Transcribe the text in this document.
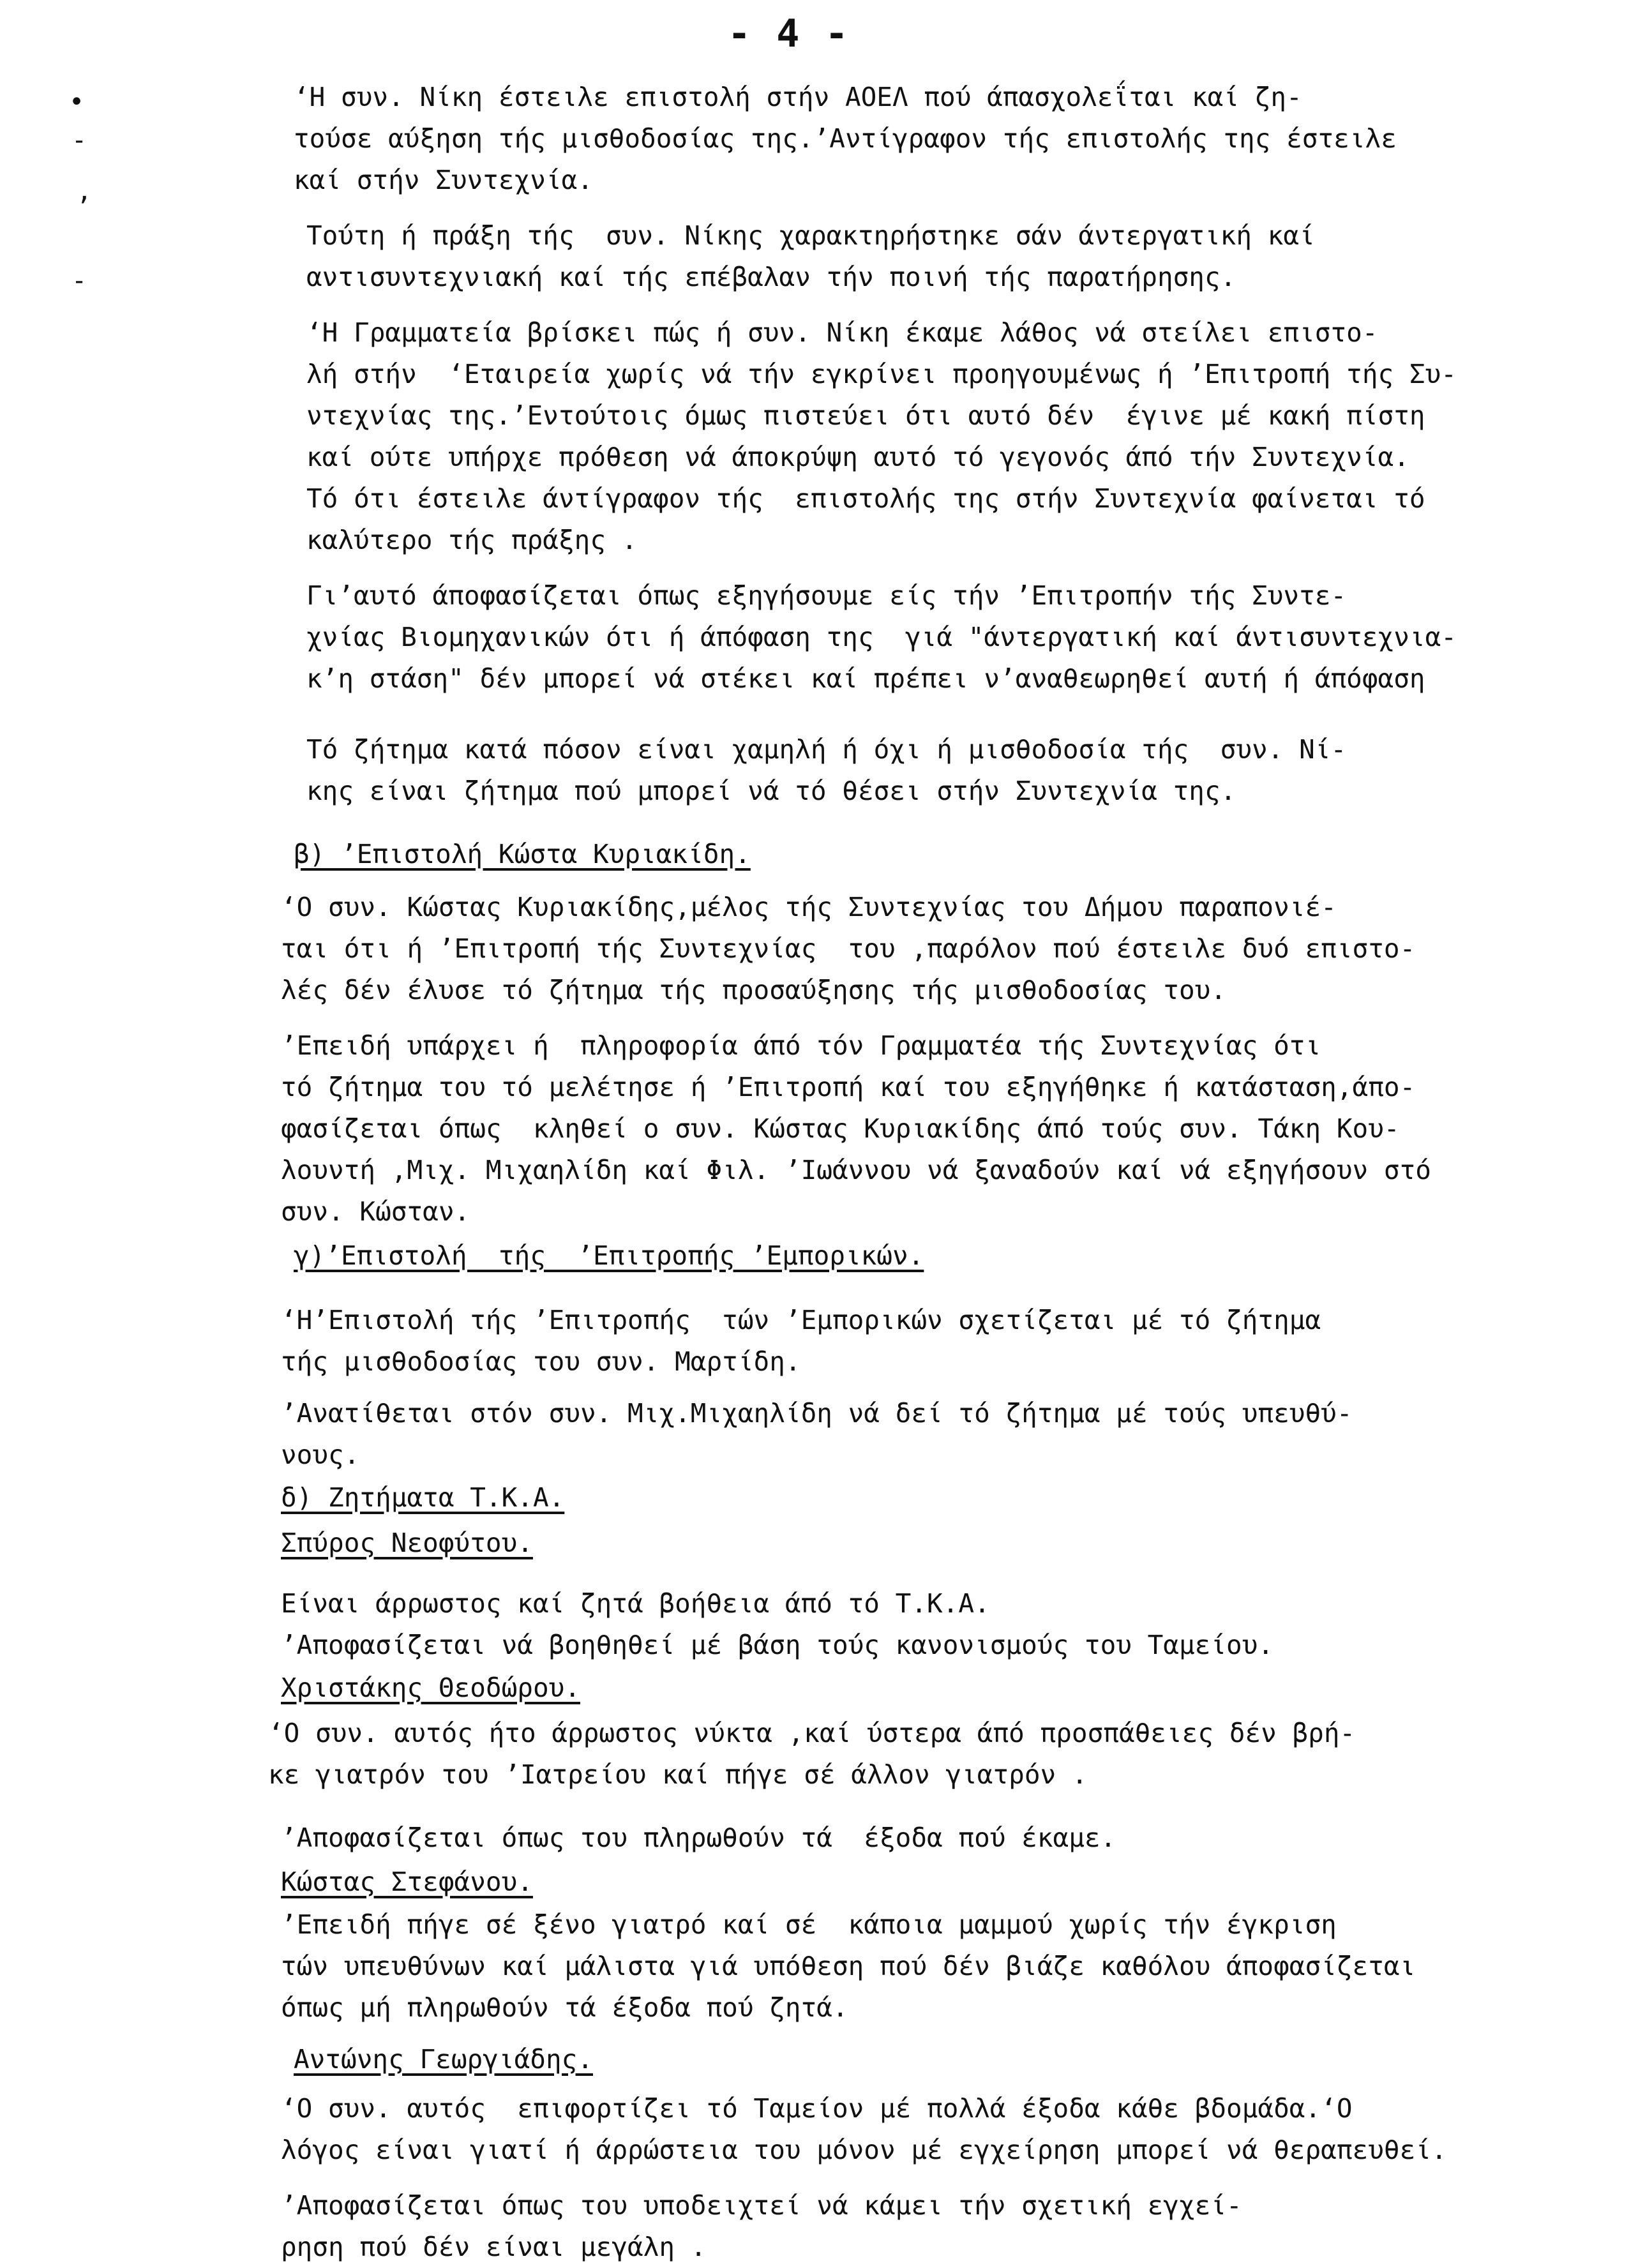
- 4 -
•
-
,
-
‘Η συν. Νίκη έστειλε επιστολή στήν ΑΟΕΛ πού άπασχολεΐται καί ζη-
τούσε αύξηση τής μισθοδοσίας της.’Αντίγραφον τής επιστολής της έστειλε
καί στήν Συντεχνία.
Τούτη ή πράξη τής  συν. Νίκης χαρακτηρήστηκε σάν άντεργατική καί
αντισυντεχνιακή καί τής επέβαλαν τήν ποινή τής παρατήρησης.
‘Η Γραμματεία βρίσκει πώς ή συν. Νίκη έκαμε λάθος νά στείλει επιστο-
λή στήν  ‘Εταιρεία χωρίς νά τήν εγκρίνει προηγουμένως ή ’Επιτροπή τής Συ-
ντεχνίας της.’Εντούτοις όμως πιστεύει ότι αυτό δέν  έγινε μέ κακή πίστη
καί ούτε υπήρχε πρόθεση νά άποκρύψη αυτό τό γεγονός άπό τήν Συντεχνία.
Τό ότι έστειλε άντίγραφον τής  επιστολής της στήν Συντεχνία φαίνεται τό
καλύτερο τής πράξης .
Γι’αυτό άποφασίζεται όπως εξηγήσουμε είς τήν ’Επιτροπήν τής Συντε-
χνίας Βιομηχανικών ότι ή άπόφαση της  γιά "άντεργατική καί άντισυντεχνια-
κ’η στάση" δέν μπορεί νά στέκει καί πρέπει ν’αναθεωρηθεί αυτή ή άπόφαση
Τό ζήτημα κατά πόσον είναι χαμηλή ή όχι ή μισθοδοσία τής  συν. Νί-
κης είναι ζήτημα πού μπορεί νά τό θέσει στήν Συντεχνία της.
β) ’Επιστολή Κώστα Κυριακίδη.
‘Ο συν. Κώστας Κυριακίδης,μέλος τής Συντεχνίας του Δήμου παραπονιέ-
ται ότι ή ’Επιτροπή τής Συντεχνίας  του ,παρόλον πού έστειλε δυό επιστο-
λές δέν έλυσε τό ζήτημα τής προσαύξησης τής μισθοδοσίας του.
’Επειδή υπάρχει ή  πληροφορία άπό τόν Γραμματέα τής Συντεχνίας ότι
τό ζήτημα του τό μελέτησε ή ’Επιτροπή καί του εξηγήθηκε ή κατάσταση,άπο-
φασίζεται όπως  κληθεί ο συν. Κώστας Κυριακίδης άπό τούς συν. Τάκη Κου-
λουντή ,Μιχ. Μιχαηλίδη καί Φιλ. ’Ιωάννου νά ξαναδούν καί νά εξηγήσουν στό
συν. Κώσταν.
γ)’Επιστολή  τής  ’Επιτροπής ’Εμπορικών.
‘Η’Επιστολή τής ’Επιτροπής  τών ’Εμπορικών σχετίζεται μέ τό ζήτημα
τής μισθοδοσίας του συν. Μαρτίδη.
’Ανατίθεται στόν συν. Μιχ.Μιχαηλίδη νά δεί τό ζήτημα μέ τούς υπευθύ-
νους.
δ) Ζητήματα Τ.Κ.Α.
Σπύρος Νεοφύτου.
Είναι άρρωστος καί ζητά βοήθεια άπό τό Τ.Κ.Α.
’Αποφασίζεται νά βοηθηθεί μέ βάση τούς κανονισμούς του Ταμείου.
Χριστάκης Θεοδώρου.
‘Ο συν. αυτός ήτο άρρωστος νύκτα ,καί ύστερα άπό προσπάθειες δέν βρή-
κε γιατρόν του ’Ιατρείου καί πήγε σέ άλλον γιατρόν .
’Αποφασίζεται όπως του πληρωθούν τά  έξοδα πού έκαμε.
Κώστας Στεφάνου.
’Επειδή πήγε σέ ξένο γιατρό καί σέ  κάποια μαμμού χωρίς τήν έγκριση
τών υπευθύνων καί μάλιστα γιά υπόθεση πού δέν βιάζε καθόλου άποφασίζεται
όπως μή πληρωθούν τά έξοδα πού ζητά.
Αντώνης Γεωργιάδης.
‘Ο συν. αυτός  επιφορτίζει τό Ταμείον μέ πολλά έξοδα κάθε βδομάδα.‘Ο
λόγος είναι γιατί ή άρρώστεια του μόνον μέ εγχείρηση μπορεί νά θεραπευθεί.
’Αποφασίζεται όπως του υποδειχτεί νά κάμει τήν σχετική εγχεί-
ρηση πού δέν είναι μεγάλη .
